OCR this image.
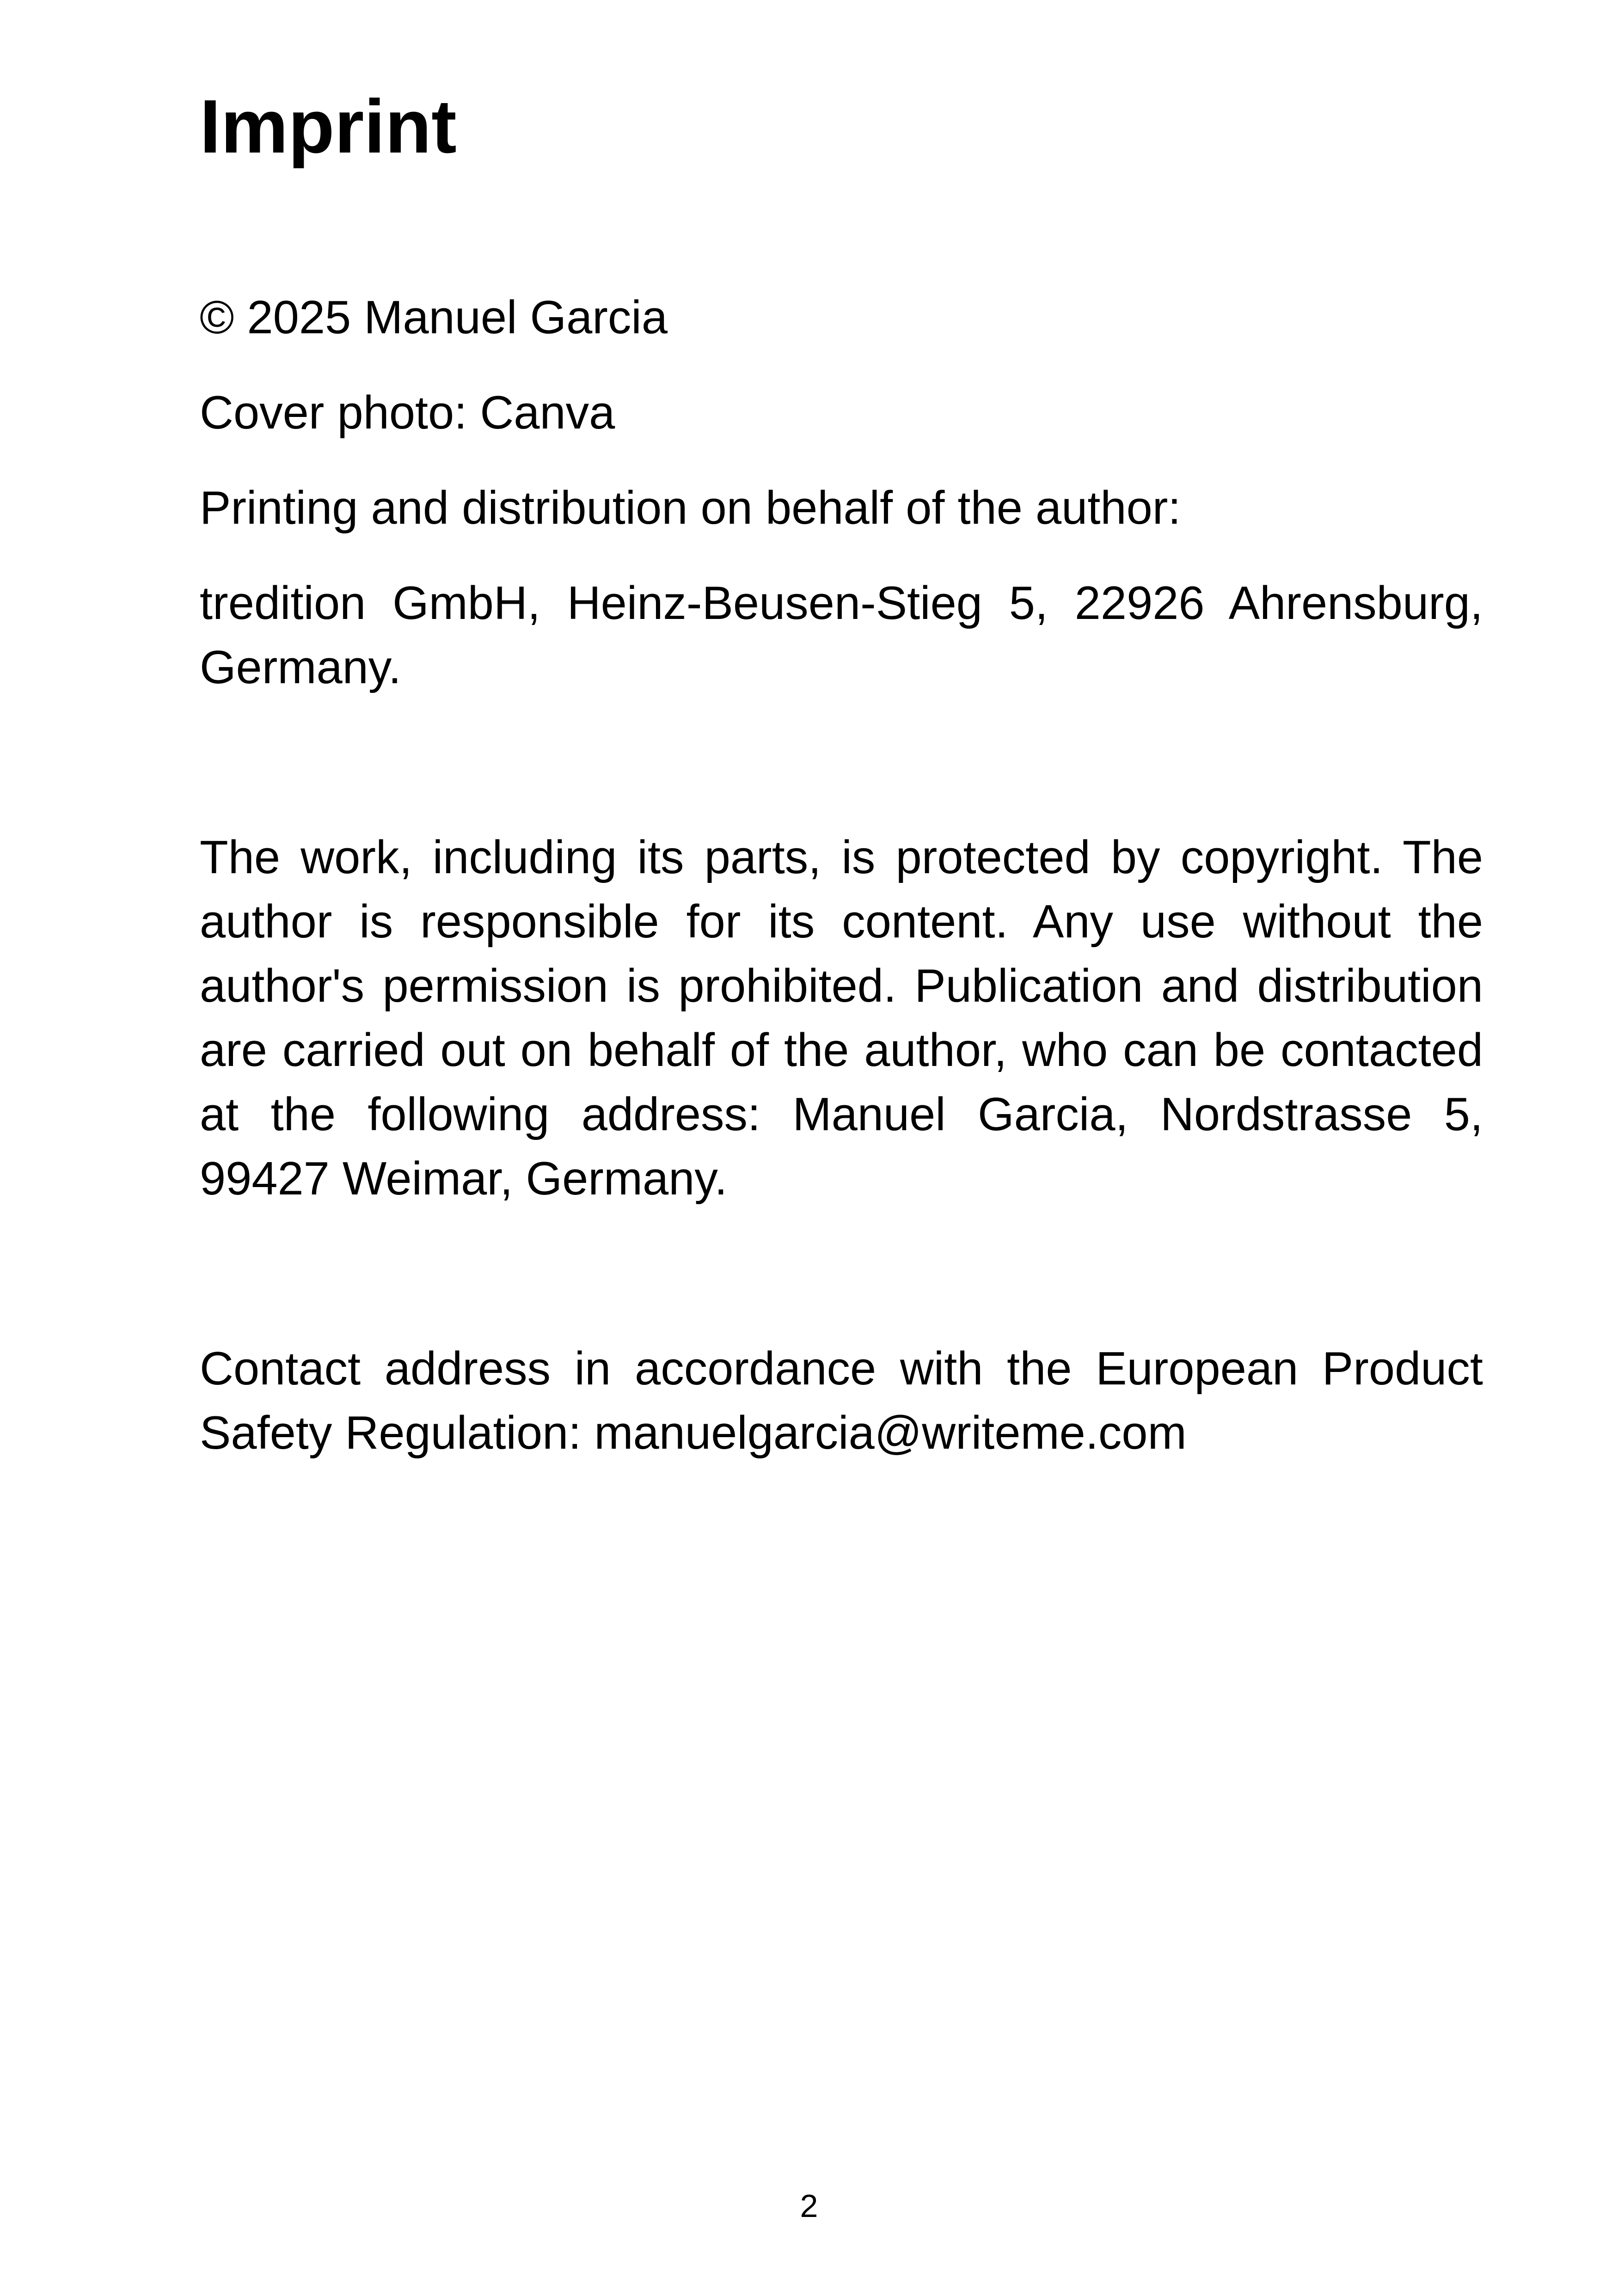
Imprint

© 2025 Manuel Garcia

Cover photo: Canva

Printing and distribution on behalf of the author:

tredition GmbH, Heinz-Beusen-Stieg 5, 22926 Ahrensburg, Germany.

The work, including its parts, is protected by copyright. The author is responsible for its content. Any use without the author's permission is prohibited. Publication and distribution are carried out on behalf of the author, who can be contacted at the following address: Manuel Garcia, Nordstrasse 5, 99427 Weimar, Germany.

Contact address in accordance with the European Product Safety Regulation: manuelgarcia@writeme.com

2
